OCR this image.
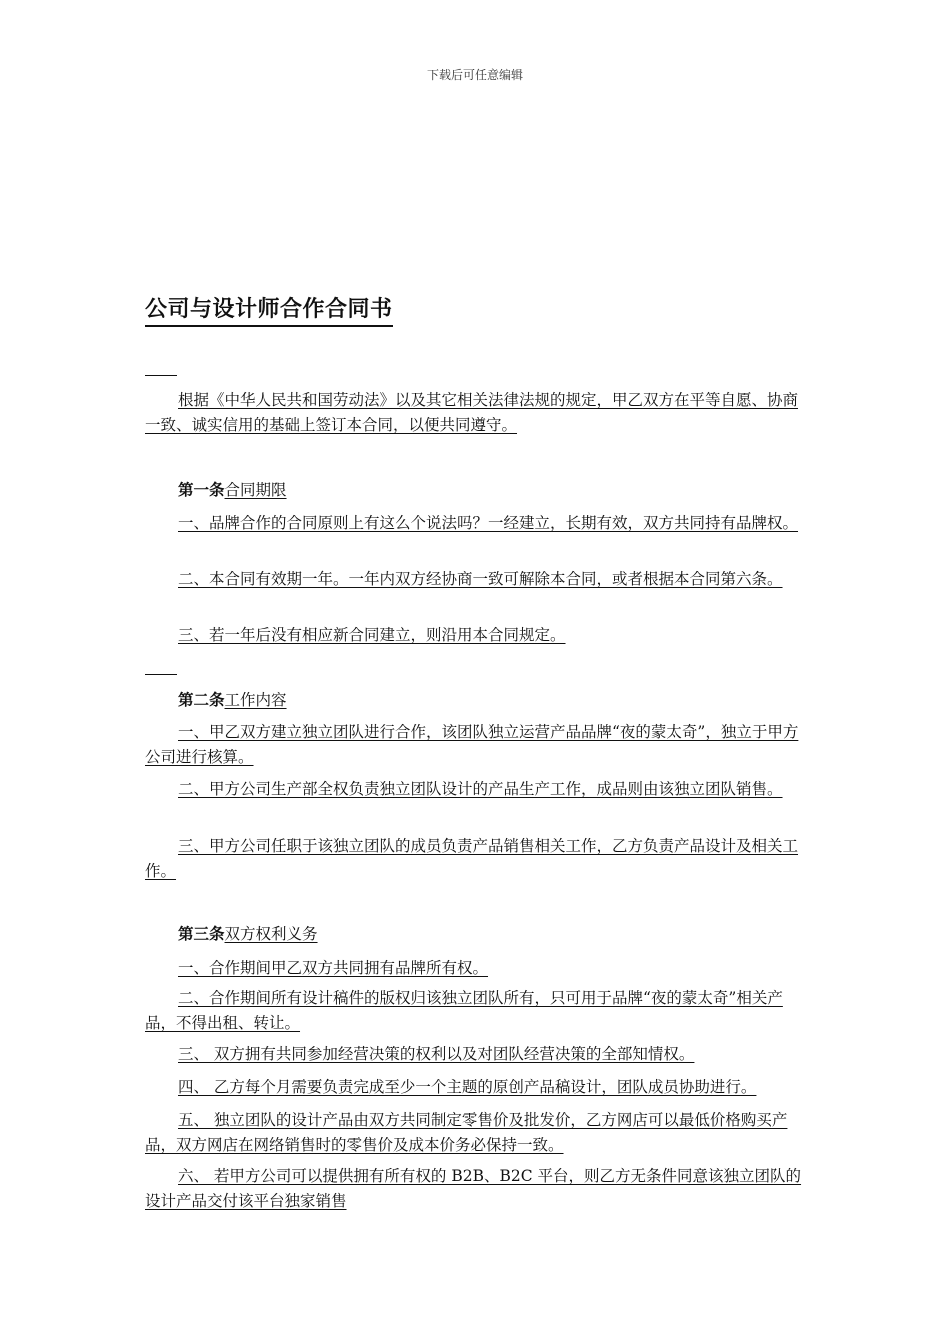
下载后可任意编辑
公司与设计师合作合同书

根据《中华人民共和国劳动法》以及其它相关法律法规的规定，甲乙双方在平等自愿、协商一致、诚实信用的基础上签订本合同，以便共同遵守。

第一条合同期限

一、品牌合作的合同原则上有这么个说法吗？一经建立，长期有效，双方共同持有品牌权。

二、本合同有效期一年。一年内双方经协商一致可解除本合同，或者根据本合同第六条。

三、若一年后没有相应新合同建立，则沿用本合同规定。

第二条工作内容

一、甲乙双方建立独立团队进行合作，该团队独立运营产品品牌“夜的蒙太奇”，独立于甲方公司进行核算。

二、甲方公司生产部全权负责独立团队设计的产品生产工作，成品则由该独立团队销售。

三、甲方公司任职于该独立团队的成员负责产品销售相关工作，乙方负责产品设计及相关工作。

第三条双方权利义务

一、合作期间甲乙双方共同拥有品牌所有权。

二、合作期间所有设计稿件的版权归该独立团队所有，只可用于品牌“夜的蒙太奇”相关产品，不得出租、转让。

三、 双方拥有共同参加经营决策的权利以及对团队经营决策的全部知情权。

四、 乙方每个月需要负责完成至少一个主题的原创产品稿设计，团队成员协助进行。

五、 独立团队的设计产品由双方共同制定零售价及批发价，乙方网店可以最低价格购买产品，双方网店在网络销售时的零售价及成本价务必保持一致。

六、 若甲方公司可以提供拥有所有权的 B2B、B2C 平台，则乙方无条件同意该独立团队的设计产品交付该平台独家销售
